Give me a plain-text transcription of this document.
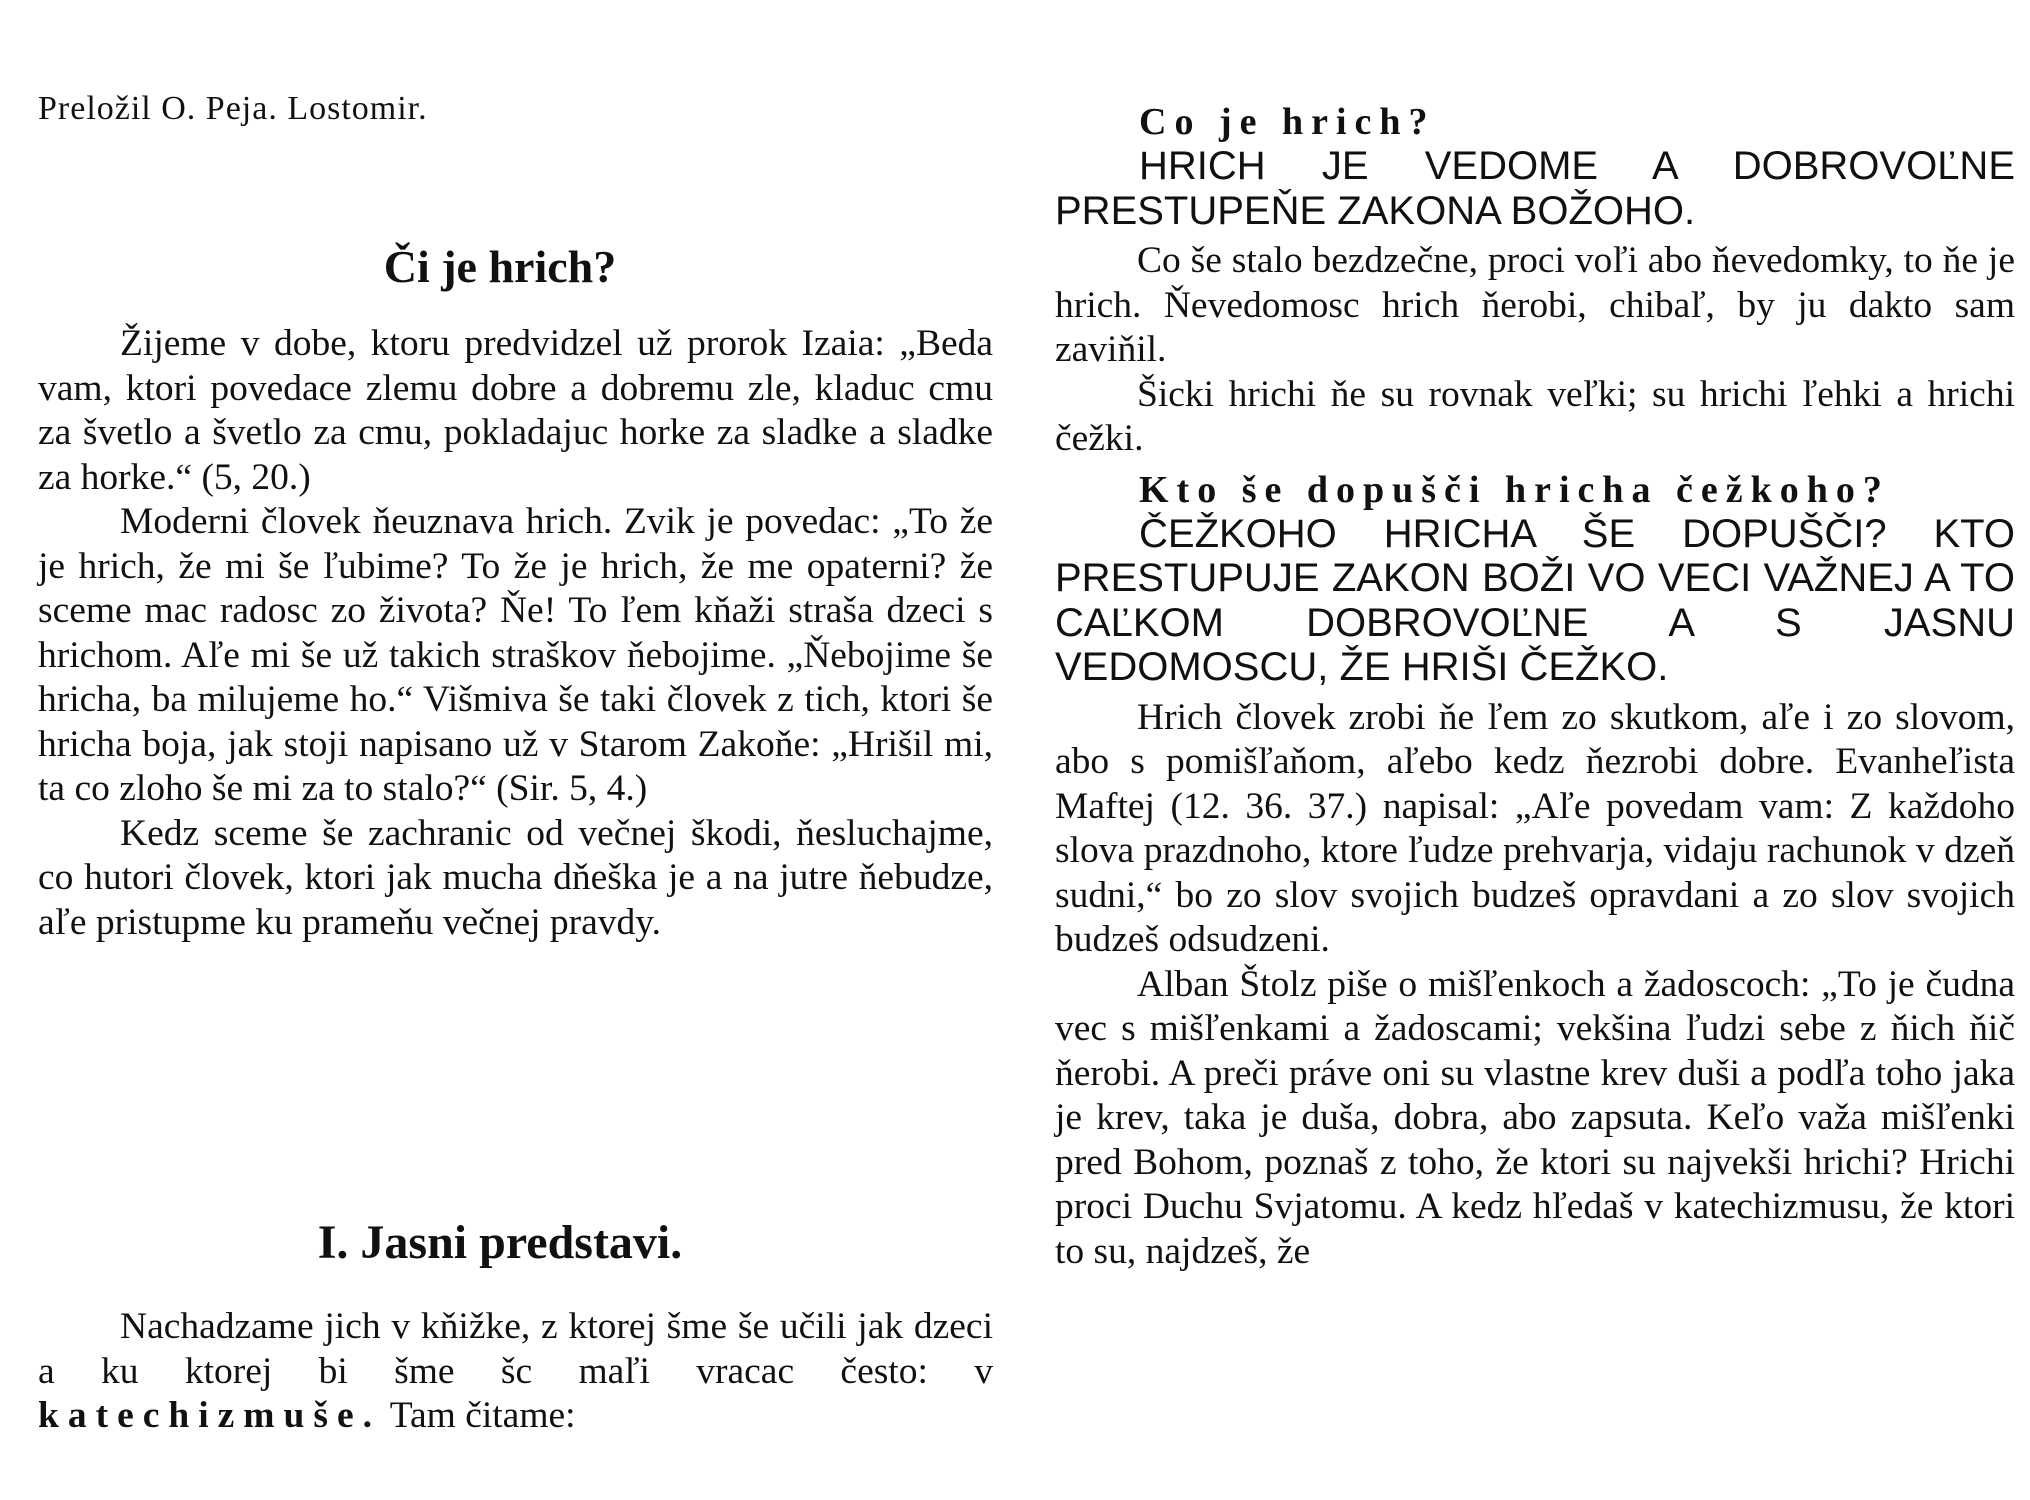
Preložil O. Peja. Lostomir.
Či je hrich?

Žijeme v dobe, ktoru predvidzel už prorok Izaia: „Beda vam, ktori povedace zlemu dobre a dobremu zle, kladuc cmu za švetlo a švetlo za cmu, pokladajuc horke za sladke a sladke za horke.“ (5, 20.)

Moderni človek ňeuznava hrich. Zvik je povedac: „To že je hrich, že mi še ľubime? To že je hrich, že me opaterni? že sceme mac radosc zo života? Ňe! To ľem kňaži straša dzeci s hrichom. Aľe mi še už takich straškov ňebojime. „Ňebojime še hricha, ba milujeme ho.“ Višmiva še taki človek z tich, ktori še hricha boja, jak stoji napisano už v Starom Zakoňe: „Hrišil mi, ta co zloho še mi za to stalo?“ (Sir. 5, 4.)

Kedz sceme še zachranic od večnej škodi, ňesluchajme, co hutori človek, ktori jak mucha dňeška je a na jutre ňebudze, aľe pristupme ku prameňu večnej pravdy.

I. Jasni predstavi.

Nachadzame jich v kňižke, z ktorej šme še učili jak dzeci a ku ktorej bi šme šc maľi vracac često: v katechizmuše. Tam čitame:

Co je hrich?

HRICH JE VEDOME A DOBROVOĽNE PRESTUPEŇE ZAKONA BOŽOHO.

Co še stalo bezdzečne, proci voľi abo ňevedomky, to ňe je hrich. Ňevedomosc hrich ňerobi, chibaľ, by ju dakto sam zaviňil.

Šicki hrichi ňe su rovnak veľki; su hrichi ľehki a hrichi čežki.

Kto še dopušči hricha čežkoho?

ČEŽKOHO HRICHA ŠE DOPUŠČI? KTO PRESTUPUJE ZAKON BOŽI VO VECI VAŽNEJ A TO CAĽKOM DOBROVOĽNE A S JASNU VEDOMOSCU, ŽE HRIŠI ČEŽKO.

Hrich človek zrobi ňe ľem zo skutkom, aľe i zo slovom, abo s pomišľaňom, aľebo kedz ňezrobi dobre. Evanheľista Maftej (12. 36. 37.) napisal: „Aľe povedam vam: Z každoho slova prazdnoho, ktore ľudze prehvarja, vidaju rachunok v dzeň sudni,“ bo zo slov svojich budzeš opravdani a zo slov svojich budzeš odsudzeni.

Alban Štolz piše o mišľenkoch a žadoscoch: „To je čudna vec s mišľenkami a žadoscami; vekšina ľudzi sebe z ňich ňič ňerobi. A preči práve oni su vlastne krev duši a podľa toho jaka je krev, taka je duša, dobra, abo zapsuta. Keľo važa mišľenki pred Bohom, poznaš z toho, že ktori su najvekši hrichi? Hrichi proci Duchu Svjatomu. A kedz hľedaš v katechizmusu, že ktori to su, najdzeš, že
